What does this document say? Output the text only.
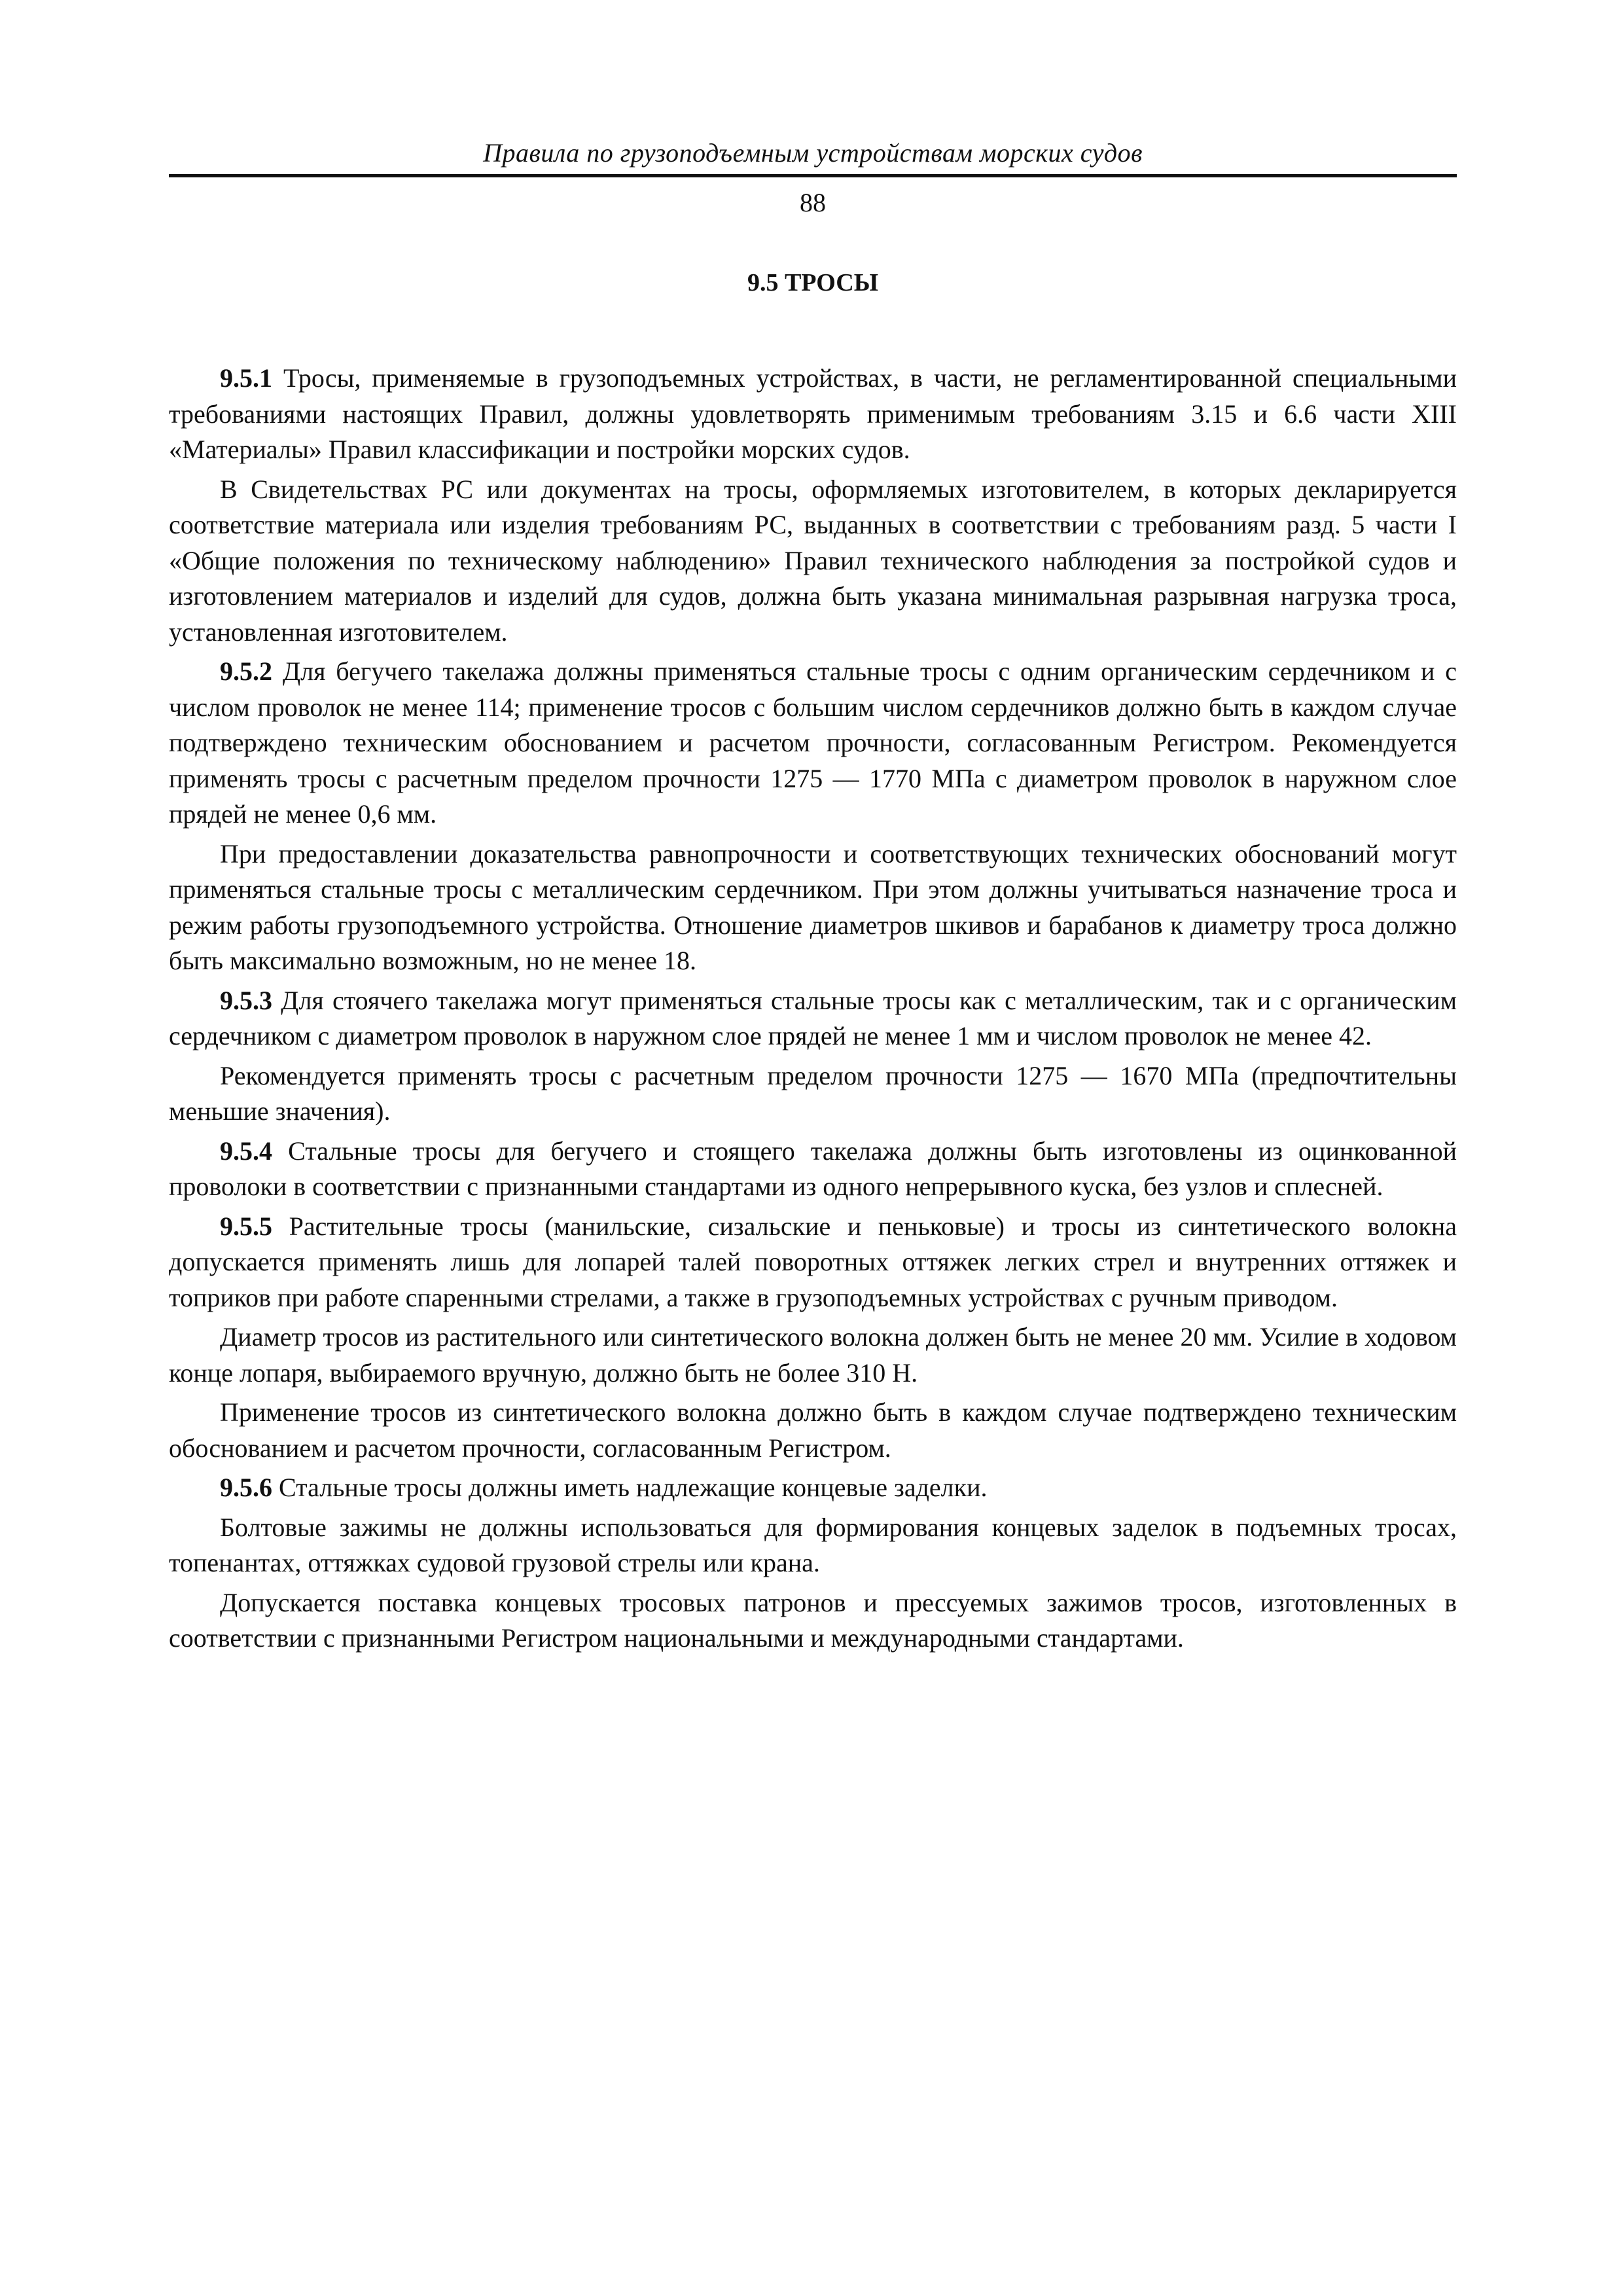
Правила по грузоподъемным устройствам морских судов

88
9.5 ТРОСЫ

9.5.1 Тросы, применяемые в грузоподъемных устройствах, в части, не регламентированной специальными требованиями настоящих Правил, должны удовлетворять применимым требованиям 3.15 и 6.6 части XIII «Материалы» Правил классификации и постройки морских судов.

В Свидетельствах РС или документах на тросы, оформляемых изготовителем, в которых декларируется соответствие материала или изделия требованиям РС, выданных в соответствии с требованиям разд. 5 части I «Общие положения по техническому наблюдению» Правил технического наблюдения за постройкой судов и изготовлением материалов и изделий для судов, должна быть указана минимальная разрывная нагрузка троса, установленная изготовителем.

9.5.2 Для бегучего такелажа должны применяться стальные тросы с одним органическим сердечником и с числом проволок не менее 114; применение тросов с большим числом сердечников должно быть в каждом случае подтверждено техническим обоснованием и расчетом прочности, согласованным Регистром. Рекомендуется применять тросы с расчетным пределом прочности 1275 — 1770 МПа с диаметром проволок в наружном слое прядей не менее 0,6 мм.

При предоставлении доказательства равнопрочности и соответствующих технических обоснований могут применяться стальные тросы с металлическим сердечником. При этом должны учитываться назначение троса и режим работы грузоподъемного устройства. Отношение диаметров шкивов и барабанов к диаметру троса должно быть максимально возможным, но не менее 18.

9.5.3 Для стоячего такелажа могут применяться стальные тросы как с металлическим, так и с органическим сердечником с диаметром проволок в наружном слое прядей не менее 1 мм и числом проволок не менее 42.

Рекомендуется применять тросы с расчетным пределом прочности 1275 — 1670 МПа (предпочтительны меньшие значения).

9.5.4 Стальные тросы для бегучего и стоящего такелажа должны быть изготовлены из оцинкованной проволоки в соответствии с признанными стандартами из одного непрерывного куска, без узлов и сплесней.

9.5.5 Растительные тросы (манильские, сизальские и пеньковые) и тросы из синтетического волокна допускается применять лишь для лопарей талей поворотных оттяжек легких стрел и внутренних оттяжек и топриков при работе спаренными стрелами, а также в грузоподъемных устройствах с ручным приводом.

Диаметр тросов из растительного или синтетического волокна должен быть не менее 20 мм. Усилие в ходовом конце лопаря, выбираемого вручную, должно быть не более 310 Н.

Применение тросов из синтетического волокна должно быть в каждом случае подтверждено техническим обоснованием и расчетом прочности, согласованным Регистром.

9.5.6 Стальные тросы должны иметь надлежащие концевые заделки.

Болтовые зажимы не должны использоваться для формирования концевых заделок в подъемных тросах, топенантах, оттяжках судовой грузовой стрелы или крана.

Допускается поставка концевых тросовых патронов и прессуемых зажимов тросов, изготовленных в соответствии с признанными Регистром национальными и международными стандартами.
